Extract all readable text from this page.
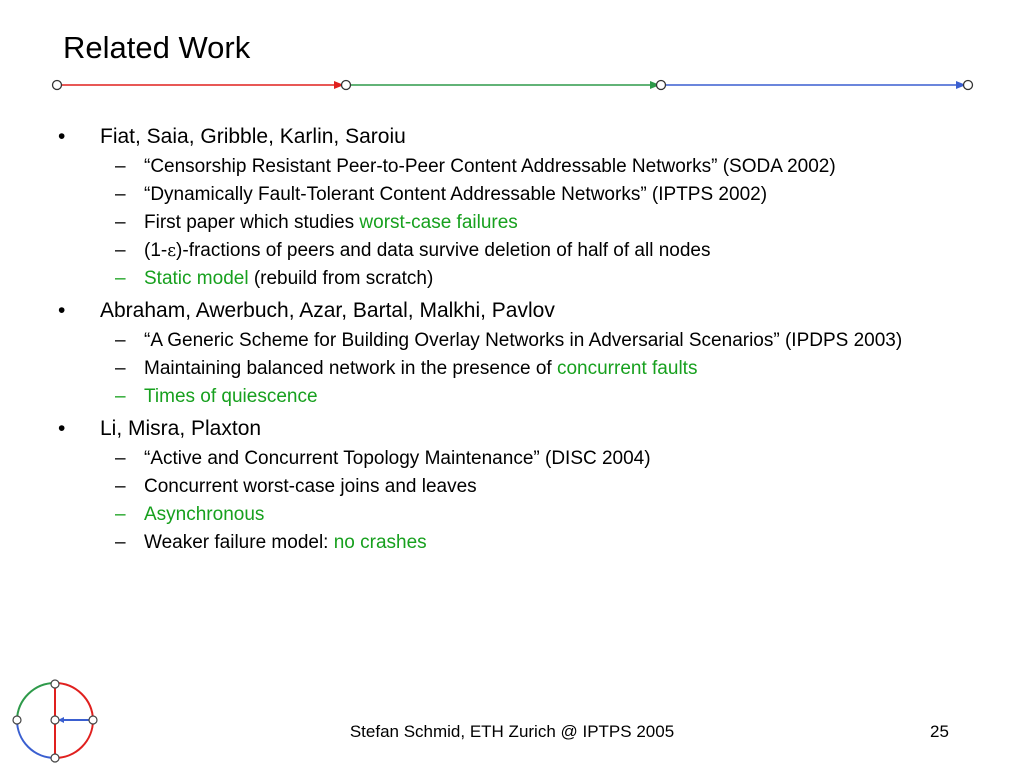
Related Work
• Fiat, Saia, Gribble, Karlin, Saroiu
– “Censorship Resistant Peer-to-Peer Content Addressable Networks” (SODA 2002)
– “Dynamically Fault-Tolerant Content Addressable Networks” (IPTPS 2002)
– First paper which studies worst-case failures
– (1-ε)-fractions of peers and data survive deletion of half of all nodes
– Static model (rebuild from scratch)
• Abraham, Awerbuch, Azar, Bartal, Malkhi, Pavlov
– “A Generic Scheme for Building Overlay Networks in Adversarial Scenarios” (IPDPS 2003)
– Maintaining balanced network in the presence of concurrent faults
– Times of quiescence
• Li, Misra, Plaxton
– “Active and Concurrent Topology Maintenance” (DISC 2004)
– Concurrent worst-case joins and leaves
– Asynchronous
– Weaker failure model: no crashes
Stefan Schmid, ETH Zurich @ IPTPS 2005	25
